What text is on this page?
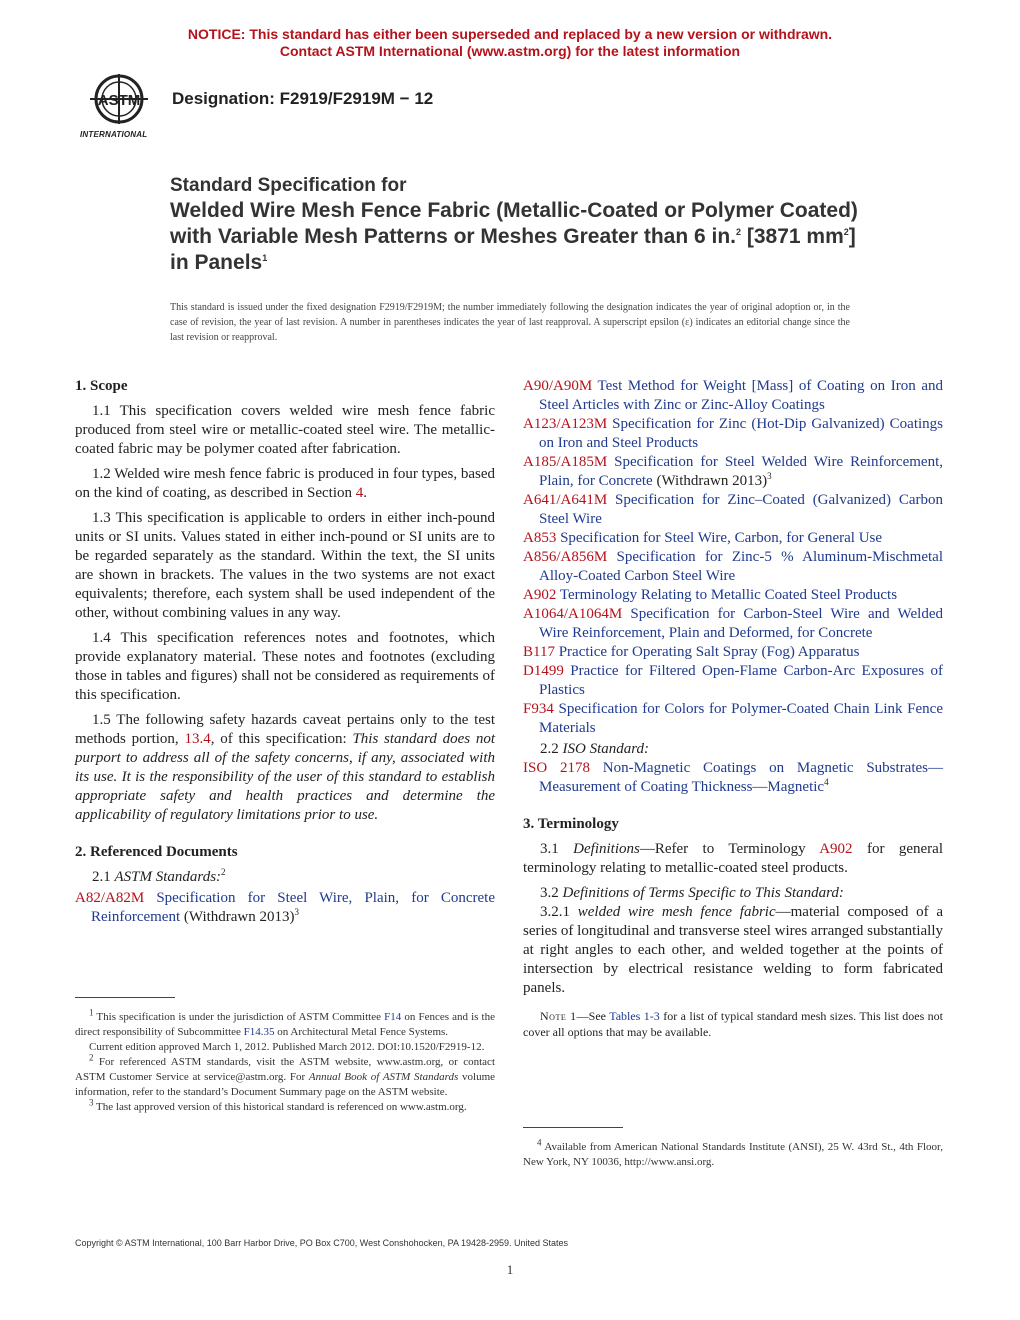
NOTICE: This standard has either been superseded and replaced by a new version or withdrawn.
Contact ASTM International (www.astm.org) for the latest information
ASTM
INTERNATIONAL
Designation: F2919/F2919M − 12
Standard Specification for
Welded Wire Mesh Fence Fabric (Metallic-Coated or Polymer Coated) with Variable Mesh Patterns or Meshes Greater than 6 in.$^2$ [3871 $mm^2$] in Panels$^1$
This standard is issued under the fixed designation F2919/F2919M; the number immediately following the designation indicates the year of original adoption or, in the case of revision, the year of last revision. A number in parentheses indicates the year of last reapproval. A superscript epsilon (ε) indicates an editorial change since the last revision or reapproval.

1. Scope

1.1 This specification covers welded wire mesh fence fabric produced from steel wire or metallic-coated steel wire. The metallic-coated fabric may be polymer coated after fabrication.

1.2 Welded wire mesh fence fabric is produced in four types, based on the kind of coating, as described in Section 4.

1.3 This specification is applicable to orders in either inch-pound units or SI units. Values stated in either inch-pound or SI units are to be regarded separately as the standard. Within the text, the SI units are shown in brackets. The values in the two systems are not exact equivalents; therefore, each system shall be used independent of the other, without combining values in any way.

1.4 This specification references notes and footnotes, which provide explanatory material. These notes and footnotes (excluding those in tables and figures) shall not be considered as requirements of this specification.

1.5 The following safety hazards caveat pertains only to the test methods portion, 13.4, of this specification: This standard does not purport to address all of the safety concerns, if any, associated with its use. It is the responsibility of the user of this standard to establish appropriate safety and health practices and determine the applicability of regulatory limitations prior to use.

2. Referenced Documents

2.1 ASTM Standards:$^2$

A82/A82M Specification for Steel Wire, Plain, for Concrete Reinforcement (Withdrawn 2013)$^3$

$^1$ This specification is under the jurisdiction of ASTM Committee F14 on Fences and is the direct responsibility of Subcommittee F14.35 on Architectural Metal Fence Systems.

Current edition approved March 1, 2012. Published March 2012. DOI:10.1520/F2919-12.

$^2$ For referenced ASTM standards, visit the ASTM website, www.astm.org, or contact ASTM Customer Service at service@astm.org. For Annual Book of ASTM Standards volume information, refer to the standard’s Document Summary page on the ASTM website.

$^3$ The last approved version of this historical standard is referenced on www.astm.org.

A90/A90M Test Method for Weight [Mass] of Coating on Iron and Steel Articles with Zinc or Zinc-Alloy Coatings

A123/A123M Specification for Zinc (Hot-Dip Galvanized) Coatings on Iron and Steel Products

A185/A185M Specification for Steel Welded Wire Reinforcement, Plain, for Concrete (Withdrawn 2013)$^3$

A641/A641M Specification for Zinc–Coated (Galvanized) Carbon Steel Wire

A853 Specification for Steel Wire, Carbon, for General Use

A856/A856M Specification for Zinc-5 % Aluminum-Mischmetal Alloy-Coated Carbon Steel Wire

A902 Terminology Relating to Metallic Coated Steel Products

A1064/A1064M Specification for Carbon-Steel Wire and Welded Wire Reinforcement, Plain and Deformed, for Concrete

B117 Practice for Operating Salt Spray (Fog) Apparatus

D1499 Practice for Filtered Open-Flame Carbon-Arc Exposures of Plastics

F934 Specification for Colors for Polymer-Coated Chain Link Fence Materials

2.2 ISO Standard:

ISO 2178 Non-Magnetic Coatings on Magnetic Substrates—Measurement of Coating Thickness—Magnetic$^4$

3. Terminology

3.1 Definitions—Refer to Terminology A902 for general terminology relating to metallic-coated steel products.

3.2 Definitions of Terms Specific to This Standard:

3.2.1 welded wire mesh fence fabric—material composed of a series of longitudinal and transverse steel wires arranged substantially at right angles to each other, and welded together at the points of intersection by electrical resistance welding to form fabricated panels.

Note 1—See Tables 1-3 for a list of typical standard mesh sizes. This list does not cover all options that may be available.

$^4$ Available from American National Standards Institute (ANSI), 25 W. 43rd St., 4th Floor, New York, NY 10036, http://www.ansi.org.

Copyright © ASTM International, 100 Barr Harbor Drive, PO Box C700, West Conshohocken, PA 19428-2959. United States
1
